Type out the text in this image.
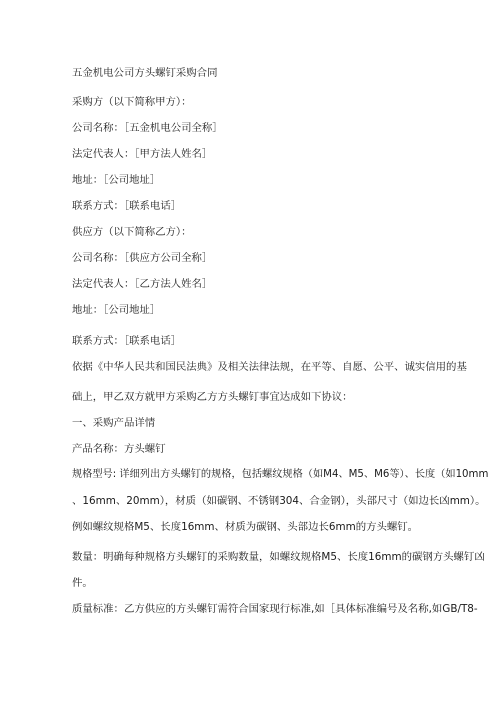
五金机电公司方头螺钉采购合同
采购方（以下简称甲方）：
公司名称：［五金机电公司全称］
法定代表人：［甲方法人姓名］
地址：［公司地址］
联系方式：［联系电话］
供应方（以下简称乙方）：
公司名称：［供应方公司全称］
法定代表人：［乙方法人姓名］
地址：［公司地址］
联系方式：［联系电话］
依据《中华人民共和国民法典》及相关法律法规，在平等、自愿、公平、诚实信用的基
础上，甲乙双方就甲方采购乙方方头螺钉事宜达成如下协议：
一、采购产品详情
产品名称：方头螺钉
规格型号: 详细列出方头螺钉的规格，包括螺纹规格（如M4、M5、M6等）、长度（如10mm
、16mm、20mm），材质（如碳钢、不锈钢304、合金钢），头部尺寸（如边长凶mm）。
例如螺纹规格M5、长度16mm、材质为碳钢、头部边长6mm的方头螺钉。
数量：明确每种规格方头螺钉的采购数量，如螺纹规格M5、长度16mm的碳钢方头螺钉凶
件。
质量标准：乙方供应的方头螺钉需符合国家现行标准,如［具体标准编号及名称,如GB/T8-
